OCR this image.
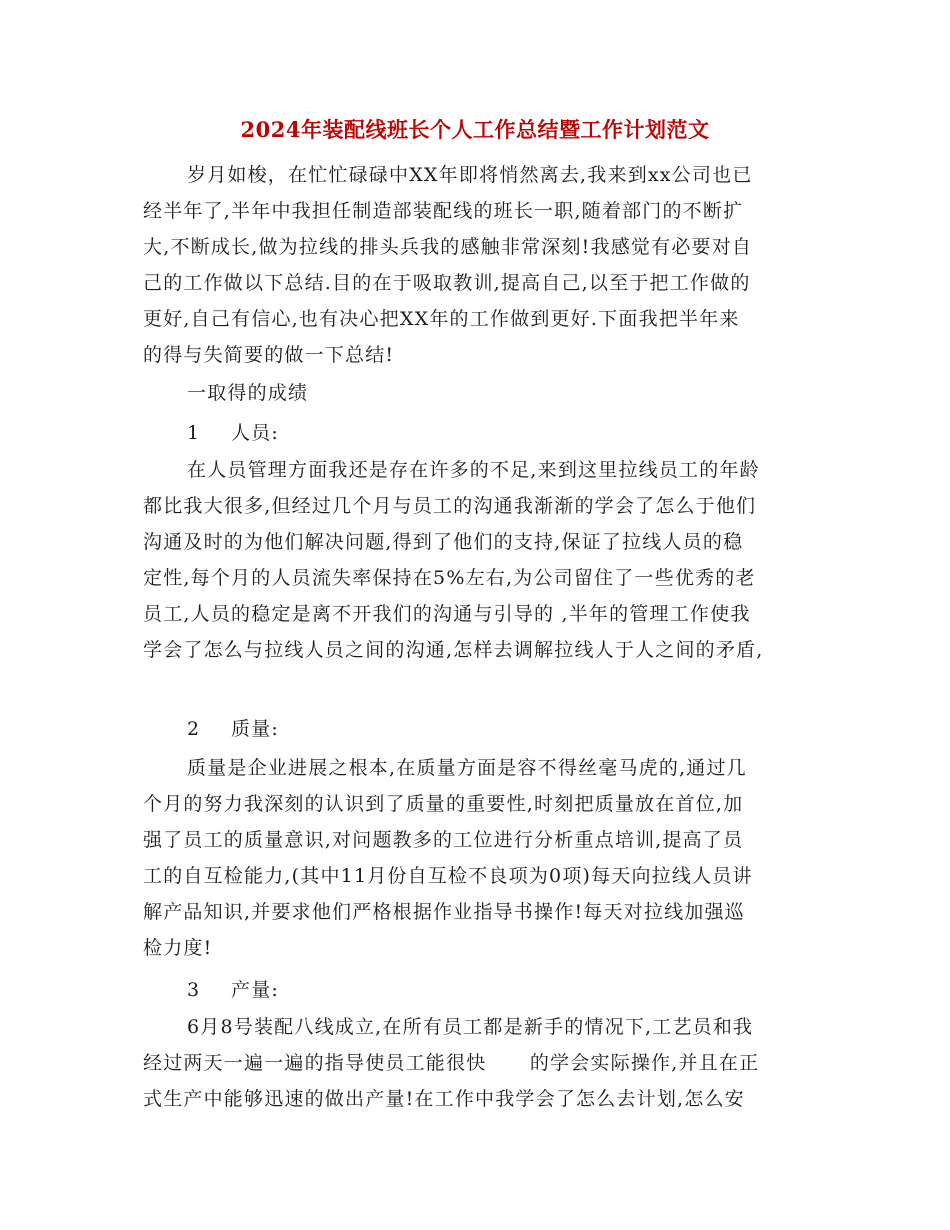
2024年装配线班长个人工作总结暨工作计划范文
岁月如梭，在忙忙碌碌中XX年即将悄然离去,我来到xx公司也已
经半年了,半年中我担任制造部装配线的班长一职,随着部门的不断扩
大,不断成长,做为拉线的排头兵我的感触非常深刻!我感觉有必要对自
己的工作做以下总结.目的在于吸取教训,提高自己,以至于把工作做的
更好,自己有信心,也有决心把XX年的工作做到更好.下面我把半年来
的得与失简要的做一下总结!
一取得的成绩
1 人员:
在人员管理方面我还是存在许多的不足,来到这里拉线员工的年龄
都比我大很多,但经过几个月与员工的沟通我渐渐的学会了怎么于他们
沟通及时的为他们解决问题,得到了他们的支持,保证了拉线人员的稳
定性,每个月的人员流失率保持在5%左右,为公司留住了一些优秀的老
员工,人员的稳定是离不开我们的沟通与引导的 ,半年的管理工作使我
学会了怎么与拉线人员之间的沟通,怎样去调解拉线人于人之间的矛盾,
2 质量:
质量是企业进展之根本,在质量方面是容不得丝毫马虎的,通过几
个月的努力我深刻的认识到了质量的重要性,时刻把质量放在首位,加
强了员工的质量意识,对问题教多的工位进行分析重点培训,提高了员
工的自互检能力,(其中11月份自互检不良项为0项)每天向拉线人员讲
解产品知识,并要求他们严格根据作业指导书操作!每天对拉线加强巡
检力度!
3 产量:
6月8号装配八线成立,在所有员工都是新手的情况下,工艺员和我
经过两天一遍一遍的指导使员工能很快      的学会实际操作,并且在正
式生产中能够迅速的做出产量!在工作中我学会了怎么去计划,怎么安
